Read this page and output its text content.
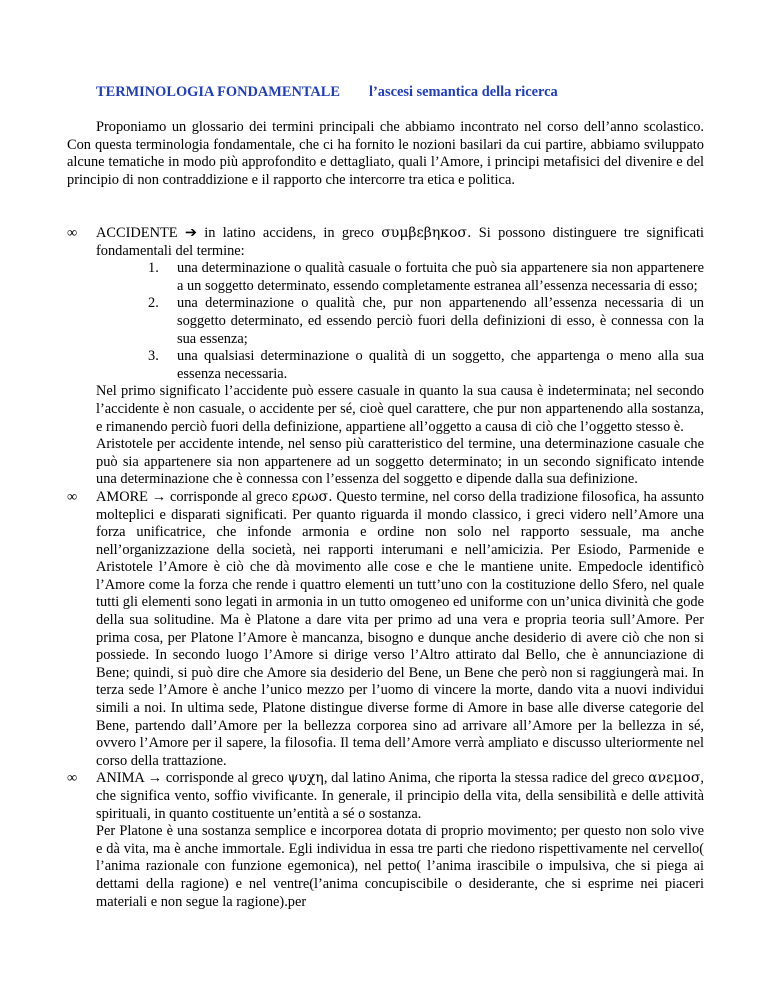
TERMINOLOGIA FONDAMENTALE l’ascesi semantica della ricerca
Proponiamo un glossario dei termini principali che abbiamo incontrato nel corso dell’anno scolastico. Con questa terminologia fondamentale, che ci ha fornito le nozioni basilari da cui partire, abbiamo sviluppato alcune tematiche in modo più approfondito e dettagliato, quali l’Amore, i principi metafisici del divenire e del principio di non contraddizione e il rapporto che intercorre tra etica e politica.
∞ ACCIDENTE ➔ in latino accidens, in greco συμβεβηκοσ. Si possono distinguere tre significati fondamentali del termine:
1. una determinazione o qualità casuale o fortuita che può sia appartenere sia non appartenere a un soggetto determinato, essendo completamente estranea all’essenza necessaria di esso;
2. una determinazione o qualità che, pur non appartenendo all’essenza necessaria di un soggetto determinato, ed essendo perciò fuori della definizioni di esso, è connessa con la sua essenza;
3. una qualsiasi determinazione o qualità di un soggetto, che appartenga o meno alla sua essenza necessaria.
Nel primo significato l’accidente può essere casuale in quanto la sua causa è indeterminata; nel secondo l’accidente è non casuale, o accidente per sé, cioè quel carattere, che pur non appartenendo alla sostanza, e rimanendo perciò fuori della definizione, appartiene all’oggetto a causa di ciò che l’oggetto stesso è.
Aristotele per accidente intende, nel senso più caratteristico del termine, una determinazione casuale che può sia appartenere sia non appartenere ad un soggetto determinato; in un secondo significato intende una determinazione che è connessa con l’essenza del soggetto e dipende dalla sua definizione.
∞ AMORE → corrisponde al greco ερωσ. Questo termine, nel corso della tradizione filosofica, ha assunto molteplici e disparati significati. Per quanto riguarda il mondo classico, i greci videro nell’Amore una forza unificatrice, che infonde armonia e ordine non solo nel rapporto sessuale, ma anche nell’organizzazione della società, nei rapporti interumani e nell’amicizia. Per Esiodo, Parmenide e Aristotele l’Amore è ciò che dà movimento alle cose e che le mantiene unite. Empedocle identificò l’Amore come la forza che rende i quattro elementi un tutt’uno con la costituzione dello Sfero, nel quale tutti gli elementi sono legati in armonia in un tutto omogeneo ed uniforme con un’unica divinità che gode della sua solitudine. Ma è Platone a dare vita per primo ad una vera e propria teoria sull’Amore. Per prima cosa, per Platone l’Amore è mancanza, bisogno e dunque anche desiderio di avere ciò che non si possiede. In secondo luogo l’Amore si dirige verso l’Altro attirato dal Bello, che è annunciazione di Bene; quindi, si può dire che Amore sia desiderio del Bene, un Bene che però non si raggiungerà mai. In terza sede l’Amore è anche l’unico mezzo per l’uomo di vincere la morte, dando vita a nuovi individui simili a noi. In ultima sede, Platone distingue diverse forme di Amore in base alle diverse categorie del Bene, partendo dall’Amore per la bellezza corporea sino ad arrivare all’Amore per la bellezza in sé, ovvero l’Amore per il sapere, la filosofia. Il tema dell’Amore verrà ampliato e discusso ulteriormente nel corso della trattazione.
∞ ANIMA → corrisponde al greco ψυχη, dal latino Anima, che riporta la stessa radice del greco ανεμοσ, che significa vento, soffio vivificante. In generale, il principio della vita, della sensibilità e delle attività spirituali, in quanto costituente un’entità a sé o sostanza.
Per Platone è una sostanza semplice e incorporea dotata di proprio movimento; per questo non solo vive e dà vita, ma è anche immortale. Egli individua in essa tre parti che riedono rispettivamente nel cervello( l’anima razionale con funzione egemonica), nel petto( l’anima irascibile o impulsiva, che si piega ai dettami della ragione) e nel ventre(l’anima concupiscibile o desiderante, che si esprime nei piaceri materiali e non segue la ragione).per
